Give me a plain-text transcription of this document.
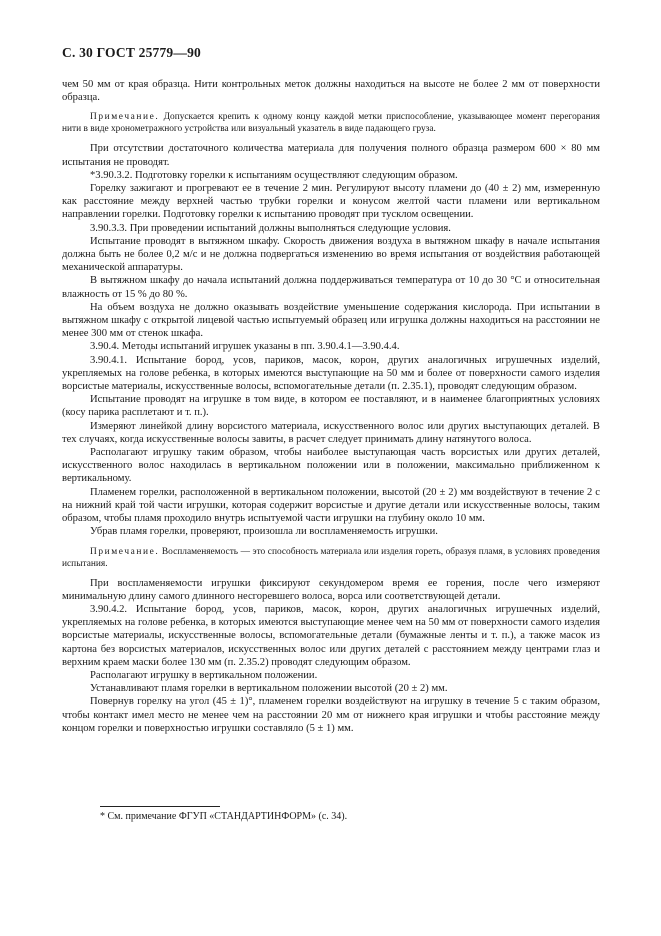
С. 30 ГОСТ 25779—90

чем 50 мм от края образца. Нити контрольных меток должны находиться на высоте не более 2 мм от поверхности образца.

Примечание. Допускается крепить к одному концу каждой метки приспособление, указывающее момент перегорания нити в виде хронометражного устройства или визуальный указатель в виде падающего груза.

При отсутствии достаточного количества материала для получения полного образца размером 600 × 80 мм испытания не проводят.

*3.90.3.2. Подготовку горелки к испытаниям осуществляют следующим образом.

Горелку зажигают и прогревают ее в течение 2 мин. Регулируют высоту пламени до (40 ± 2) мм, измеренную как расстояние между верхней частью трубки горелки и конусом желтой части пламени или вертикальном направлении горелки. Подготовку горелки к испытанию проводят при тусклом освещении.

3.90.3.3. При проведении испытаний должны выполняться следующие условия.

Испытание проводят в вытяжном шкафу. Скорость движения воздуха в вытяжном шкафу в начале испытания должна быть не более 0,2 м/с и не должна подвергаться изменению во время испытания от воздействия работающей механической аппаратуры.

В вытяжном шкафу до начала испытаний должна поддерживаться температура от 10 до 30 °С и относительная влажность от 15 % до 80 %.

На объем воздуха не должно оказывать воздействие уменьшение содержания кислорода. При испытании в вытяжном шкафу с открытой лицевой частью испытуемый образец или игрушка должны находиться на расстоянии не менее 300 мм от стенок шкафа.

3.90.4. Методы испытаний игрушек указаны в пп. 3.90.4.1—3.90.4.4.

3.90.4.1. Испытание бород, усов, париков, масок, корон, других аналогичных игрушечных изделий, укрепляемых на голове ребенка, в которых имеются выступающие на 50 мм и более от поверхности самого изделия ворсистые материалы, искусственные волосы, вспомогательные детали (п. 2.35.1), проводят следующим образом.

Испытание проводят на игрушке в том виде, в котором ее поставляют, и в наименее благоприятных условиях (косу парика расплетают и т. п.).

Измеряют линейкой длину ворсистого материала, искусственного волос или других выступающих деталей. В тех случаях, когда искусственные волосы завиты, в расчет следует принимать длину натянутого волоса.

Располагают игрушку таким образом, чтобы наиболее выступающая часть ворсистых или других деталей, искусственного волос находилась в вертикальном положении или в положении, максимально приближенном к вертикальному.

Пламенем горелки, расположенной в вертикальном положении, высотой (20 ± 2) мм воздействуют в течение 2 с на нижний край той части игрушки, которая содержит ворсистые и другие детали или искусственные волосы, таким образом, чтобы пламя проходило внутрь испытуемой части игрушки на глубину около 10 мм.

Убрав пламя горелки, проверяют, произошла ли воспламеняемость игрушки.

Примечание. Воспламеняемость — это способность материала или изделия гореть, образуя пламя, в условиях проведения испытания.

При воспламеняемости игрушки фиксируют секундомером время ее горения, после чего измеряют минимальную длину самого длинного несгоревшего волоса, ворса или соответствующей детали.

3.90.4.2. Испытание бород, усов, париков, масок, корон, других аналогичных игрушечных изделий, укрепляемых на голове ребенка, в которых имеются выступающие менее чем на 50 мм от поверхности самого изделия ворсистые материалы, искусственные волосы, вспомогательные детали (бумажные ленты и т. п.), а также масок из картона без ворсистых материалов, искусственных волос или других деталей с расстоянием между центрами глаз и верхним краем маски более 130 мм (п. 2.35.2) проводят следующим образом.

Располагают игрушку в вертикальном положении.

Устанавливают пламя горелки в вертикальном положении высотой (20 ± 2) мм.

Повернув горелку на угол (45 ± 1)°, пламенем горелки воздействуют на игрушку в течение 5 с таким образом, чтобы контакт имел место не менее чем на расстоянии 20 мм от нижнего края игрушки и чтобы расстояние между концом горелки и поверхностью игрушки составляло (5 ± 1) мм.

* См. примечание ФГУП «СТАНДАРТИНФОРМ» (с. 34).
